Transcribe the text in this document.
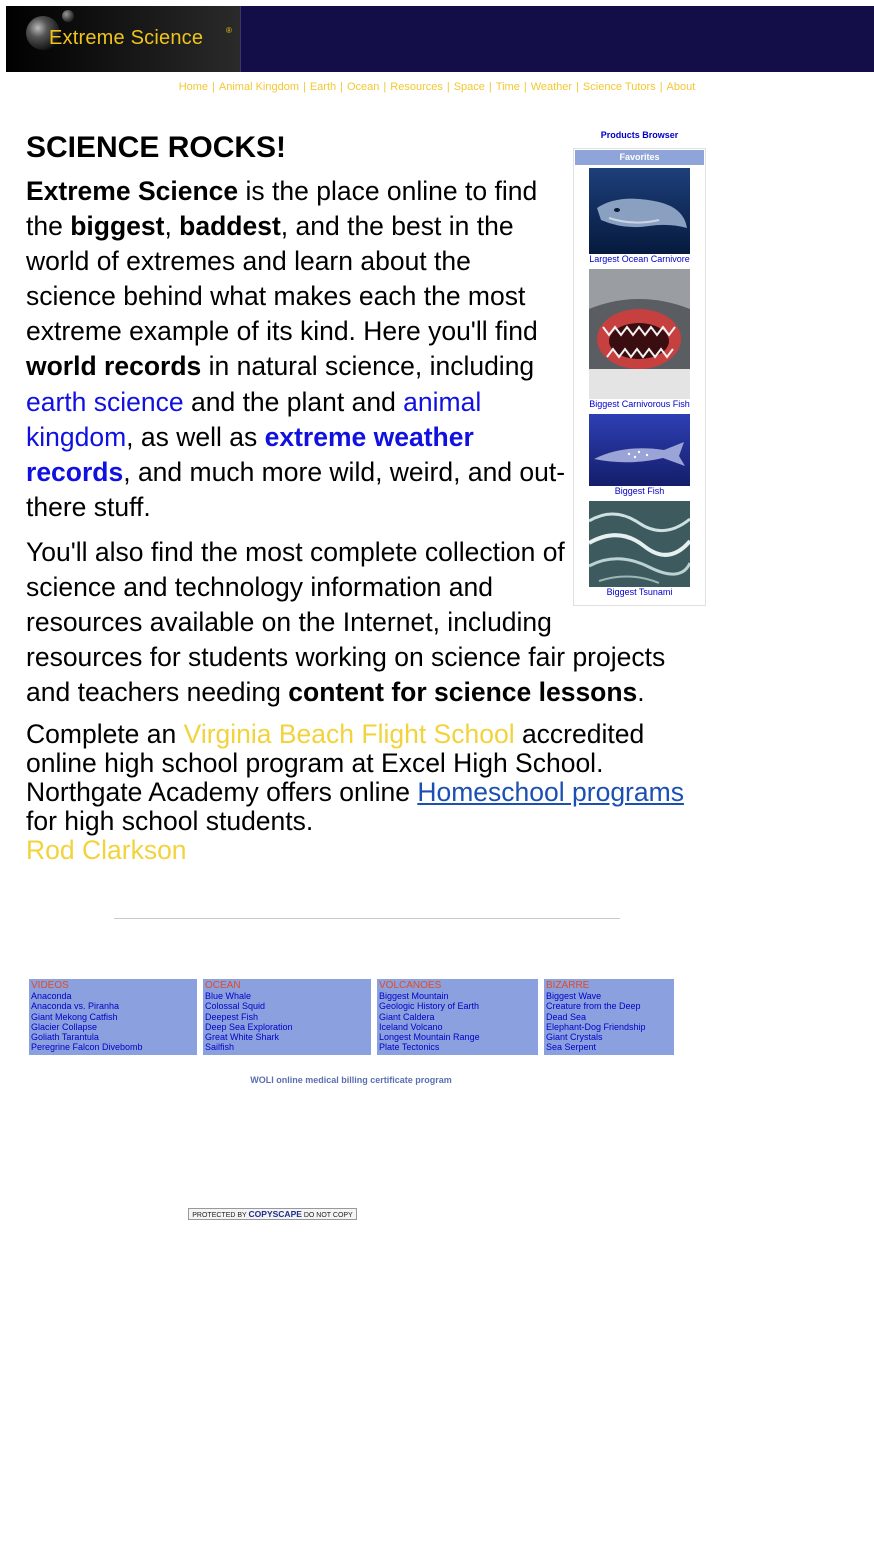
Extreme Science	®
Home | Animal Kingdom | Earth | Ocean | Resources | Space | Time | Weather | Science Tutors | About
Products Browser
Favorites
Largest Ocean Carnivore
Biggest Carnivorous Fish
Biggest Fish
Biggest Tsunami
SCIENCE ROCKS!

Extreme Science is the place online to find the biggest, baddest, and the best in the world of extremes and learn about the science behind what makes each the most extreme example of its kind. Here you'll find world records in natural science, including earth science and the plant and animal kingdom, as well as extreme weather records, and much more wild, weird, and out-there stuff.

You'll also find the most complete collection of science and technology information and resources available on the Internet, including resources for students working on science fair projects and teachers needing content for science lessons.

Complete an Virginia Beach Flight School accredited online high school program at Excel High School. Northgate Academy offers online Homeschool programs for high school students.
Rod Clarkson
VIDEOS
Anaconda
Anaconda vs. Piranha
Giant Mekong Catfish
Glacier Collapse
Goliath Tarantula
Peregrine Falcon Divebomb
OCEAN
Blue Whale
Colossal Squid
Deepest Fish
Deep Sea Exploration
Great White Shark
Sailfish
VOLCANOES
Biggest Mountain
Geologic History of Earth
Giant Caldera
Iceland Volcano
Longest Mountain Range
Plate Tectonics
BIZARRE
Biggest Wave
Creature from the Deep
Dead Sea
Elephant-Dog Friendship
Giant Crystals
Sea Serpent
WOLI online medical billing certificate program
PROTECTED BY COPYSCAPE DO NOT COPY
